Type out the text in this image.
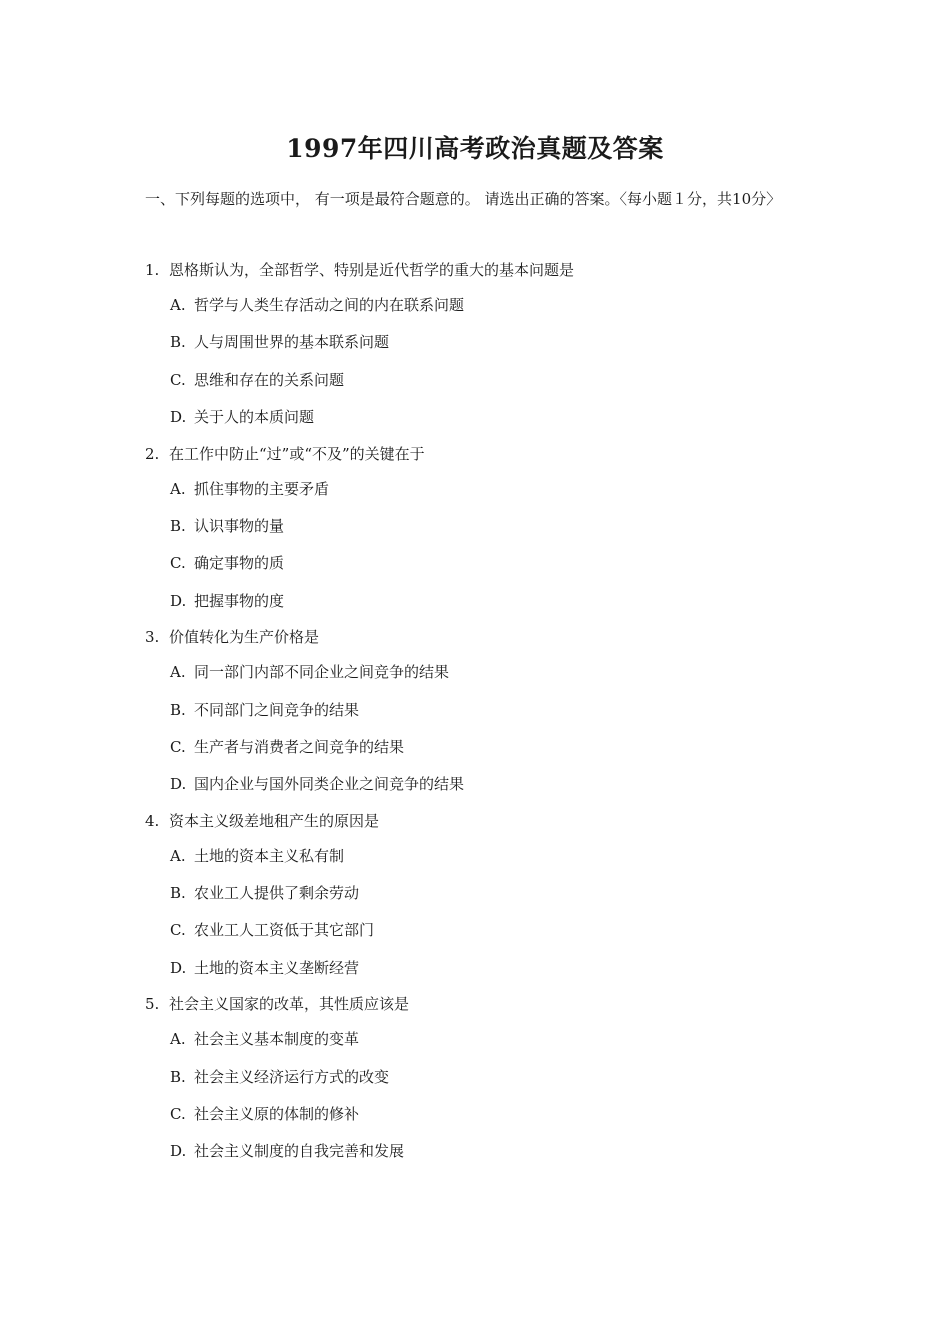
1997年四川高考政治真题及答案
一、下列每题的选项中， 有一项是最符合题意的。 请选出正确的答案。〈每小题１分，共10分〉
1. 恩格斯认为，全部哲学、特别是近代哲学的重大的基本问题是
A. 哲学与人类生存活动之间的内在联系问题
B. 人与周围世界的基本联系问题
C. 思维和存在的关系问题
D. 关于人的本质问题
2. 在工作中防止“过”或“不及”的关键在于
A. 抓住事物的主要矛盾
B. 认识事物的量
C. 确定事物的质
D. 把握事物的度
3. 价值转化为生产价格是
A. 同一部门内部不同企业之间竞争的结果
B. 不同部门之间竞争的结果
C. 生产者与消费者之间竞争的结果
D. 国内企业与国外同类企业之间竞争的结果
4. 资本主义级差地租产生的原因是
A. 土地的资本主义私有制
B. 农业工人提供了剩余劳动
C. 农业工人工资低于其它部门
D. 土地的资本主义垄断经营
5. 社会主义国家的改革，其性质应该是
A. 社会主义基本制度的变革
B. 社会主义经济运行方式的改变
C. 社会主义原的体制的修补
D. 社会主义制度的自我完善和发展
